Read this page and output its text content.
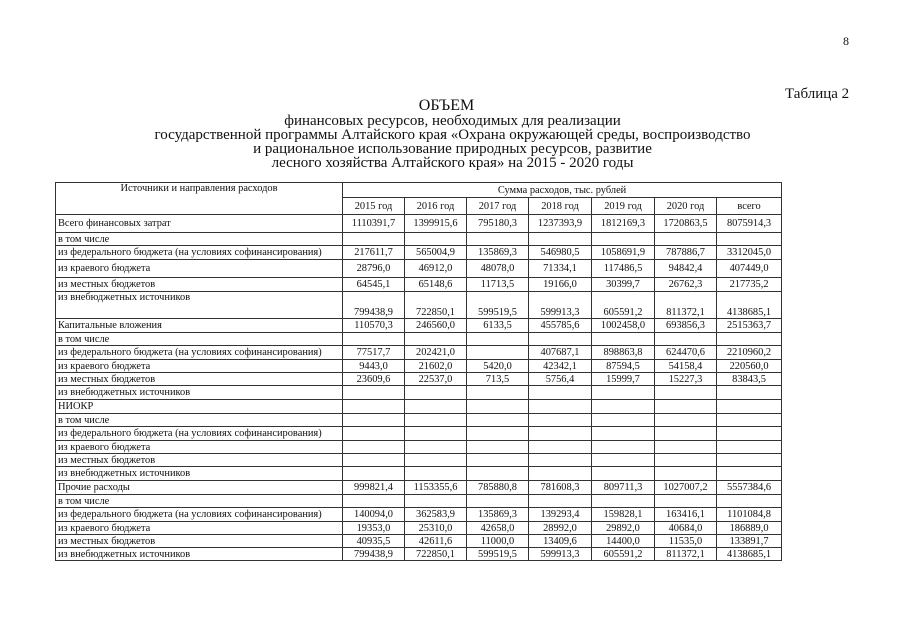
8
Таблица 2
ОБЪЕМ
финансовых ресурсов, необходимых для реализации
государственной программы Алтайского края «Охрана окружающей среды, воспроизводство
и рациональное использование природных ресурсов, развитие
лесного хозяйства Алтайского края» на 2015 - 2020 годы
Источники и направления расходов	Сумма расходов, тыс. рублей						
	2015 год	2016 год	2017 год	2018 год	2019 год	2020 год	всего
Всего финансовых затрат	1110391,7	1399915,6	795180,3	1237393,9	1812169,3	1720863,5	8075914,3
в том числе							
из федерального бюджета (на условиях софинансирования)	217611,7	565004,9	135869,3	546980,5	1058691,9	787886,7	3312045,0
из краевого бюджета	28796,0	46912,0	48078,0	71334,1	117486,5	94842,4	407449,0
из местных бюджетов	64545,1	65148,6	11713,5	19166,0	30399,7	26762,3	217735,2
из внебюджетных источников	799438,9	722850,1	599519,5	599913,3	605591,2	811372,1	4138685,1
Капитальные вложения	110570,3	246560,0	6133,5	455785,6	1002458,0	693856,3	2515363,7
в том числе							
из федерального бюджета (на условиях софинансирования)	77517,7	202421,0		407687,1	898863,8	624470,6	2210960,2
из краевого бюджета	9443,0	21602,0	5420,0	42342,1	87594,5	54158,4	220560,0
из местных бюджетов	23609,6	22537,0	713,5	5756,4	15999,7	15227,3	83843,5
из внебюджетных источников							
НИОКР							
в том числе							
из федерального бюджета (на условиях софинансирования)							
из краевого бюджета							
из местных бюджетов							
из внебюджетных источников							
Прочие расходы	999821,4	1153355,6	785880,8	781608,3	809711,3	1027007,2	5557384,6
в том числе							
из федерального бюджета (на условиях софинансирования)	140094,0	362583,9	135869,3	139293,4	159828,1	163416,1	1101084,8
из краевого бюджета	19353,0	25310,0	42658,0	28992,0	29892,0	40684,0	186889,0
из местных бюджетов	40935,5	42611,6	11000,0	13409,6	14400,0	11535,0	133891,7
из внебюджетных источников	799438,9	722850,1	599519,5	599913,3	605591,2	811372,1	4138685,1
